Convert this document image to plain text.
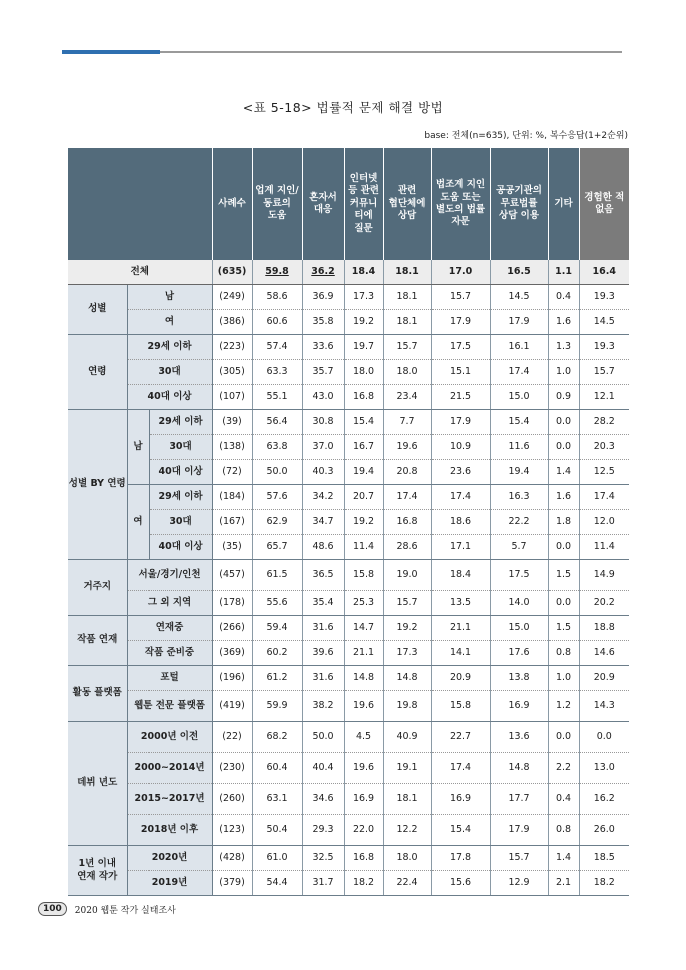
<표 5-18> 법률적 문제 해결 방법
base: 전체(n=635), 단위: %, 복수응답(1+2순위)
			사례수	업계 지인/ 동료의 도움	혼자서 대응	인터넷 등 관련 커뮤니 티에 질문	관련 협단체에 상담	법조계 지인 도움 또는 별도의 법률 자문	공공기관의 무료법률 상담 이용	기타	경험한 적 없음
전체			(635)	59.8	36.2	18.4	18.1	17.0	16.5	1.1	16.4
성별	남		(249)	58.6	36.9	17.3	18.1	15.7	14.5	0.4	19.3
	여		(386)	60.6	35.8	19.2	18.1	17.9	17.9	1.6	14.5
연령	29세 이하		(223)	57.4	33.6	19.7	15.7	17.5	16.1	1.3	19.3
	30대		(305)	63.3	35.7	18.0	18.0	15.1	17.4	1.0	15.7
	40대 이상		(107)	55.1	43.0	16.8	23.4	21.5	15.0	0.9	12.1
성별 BY 연령	남	29세 이하	(39)	56.4	30.8	15.4	7.7	17.9	15.4	0.0	28.2
		30대	(138)	63.8	37.0	16.7	19.6	10.9	11.6	0.0	20.3
		40대 이상	(72)	50.0	40.3	19.4	20.8	23.6	19.4	1.4	12.5
	여	29세 이하	(184)	57.6	34.2	20.7	17.4	17.4	16.3	1.6	17.4
		30대	(167)	62.9	34.7	19.2	16.8	18.6	22.2	1.8	12.0
		40대 이상	(35)	65.7	48.6	11.4	28.6	17.1	5.7	0.0	11.4
거주지	서울/경기/인천		(457)	61.5	36.5	15.8	19.0	18.4	17.5	1.5	14.9
	그 외 지역		(178)	55.6	35.4	25.3	15.7	13.5	14.0	0.0	20.2
작품 연재	연재중		(266)	59.4	31.6	14.7	19.2	21.1	15.0	1.5	18.8
	작품 준비중		(369)	60.2	39.6	21.1	17.3	14.1	17.6	0.8	14.6
활동 플랫폼	포털		(196)	61.2	31.6	14.8	14.8	20.9	13.8	1.0	20.9
	웹툰 전문 플랫폼		(419)	59.9	38.2	19.6	19.8	15.8	16.9	1.2	14.3
데뷔 년도	2000년 이전		(22)	68.2	50.0	4.5	40.9	22.7	13.6	0.0	0.0
	2000~2014년		(230)	60.4	40.4	19.6	19.1	17.4	14.8	2.2	13.0
	2015~2017년		(260)	63.1	34.6	16.9	18.1	16.9	17.7	0.4	16.2
	2018년 이후		(123)	50.4	29.3	22.0	12.2	15.4	17.9	0.8	26.0
1년 이내 연재 작가	2020년		(428)	61.0	32.5	16.8	18.0	17.8	15.7	1.4	18.5
	2019년		(379)	54.4	31.7	18.2	22.4	15.6	12.9	2.1	18.2
100	2020 웹툰 작가 실태조사
